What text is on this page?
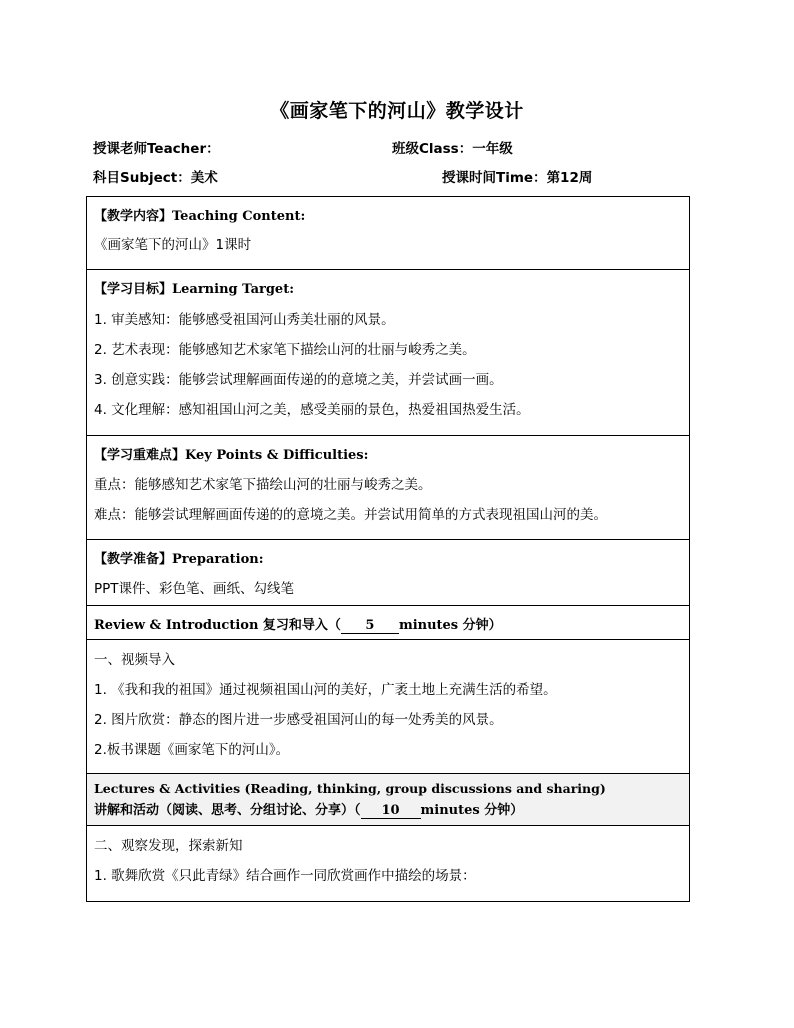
《画家笔下的河山》教学设计
授课老师Teacher：	班级Class：一年级
科目Subject：美术	授课时间Time：第12周
【教学内容】Teaching Content:
《画家笔下的河山》1课时
【学习目标】Learning Target:
1. 审美感知：能够感受祖国河山秀美壮丽的风景。
2. 艺术表现：能够感知艺术家笔下描绘山河的壮丽与峻秀之美。
3. 创意实践：能够尝试理解画面传递的的意境之美，并尝试画一画。
4. 文化理解：感知祖国山河之美，感受美丽的景色，热爱祖国热爱生活。
【学习重难点】Key Points & Difficulties:
重点：能够感知艺术家笔下描绘山河的壮丽与峻秀之美。
难点：能够尝试理解画面传递的的意境之美。并尝试用简单的方式表现祖国山河的美。
【教学准备】Preparation:
PPT课件、彩色笔、画纸、勾线笔
Review & Introduction 复习和导入（ 5 minutes 分钟）
一、视频导入
1. 《我和我的祖国》通过视频祖国山河的美好，广袤土地上充满生活的希望。
2. 图片欣赏：静态的图片进一步感受祖国河山的每一处秀美的风景。
2.板书课题《画家笔下的河山》。
Lectures & Activities (Reading, thinking, group discussions and sharing)
讲解和活动（阅读、思考、分组讨论、分享）（ 10 minutes 分钟）
二、观察发现，探索新知
1. 歌舞欣赏《只此青绿》结合画作一同欣赏画作中描绘的场景：
